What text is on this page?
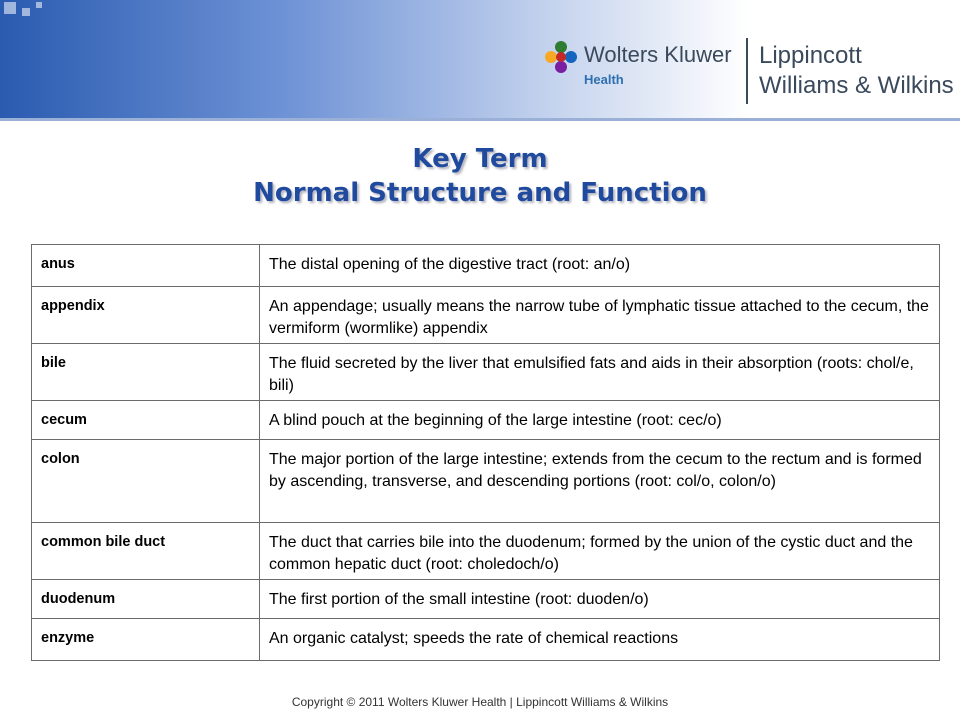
Wolters Kluwer
Health
Lippincott
Williams & Wilkins
Key Term
Normal Structure and Function
anus	The distal opening of the digestive tract (root: an/o)
appendix	An appendage; usually means the narrow tube of lymphatic tissue attached to the cecum, the vermiform (wormlike) appendix
bile	The fluid secreted by the liver that emulsified fats and aids in their absorption (roots: chol/e, bili)
cecum	A blind pouch at the beginning of the large intestine (root: cec/o)
colon	The major portion of the large intestine; extends from the cecum to the rectum and is formed by ascending, transverse, and descending portions (root: col/o, colon/o)
common bile duct	The duct that carries bile into the duodenum; formed by the union of the cystic duct and the common hepatic duct (root: choledoch/o)
duodenum	The first portion of the small intestine (root: duoden/o)
enzyme	An organic catalyst; speeds the rate of chemical reactions
Copyright © 2011 Wolters Kluwer Health | Lippincott Williams & Wilkins
